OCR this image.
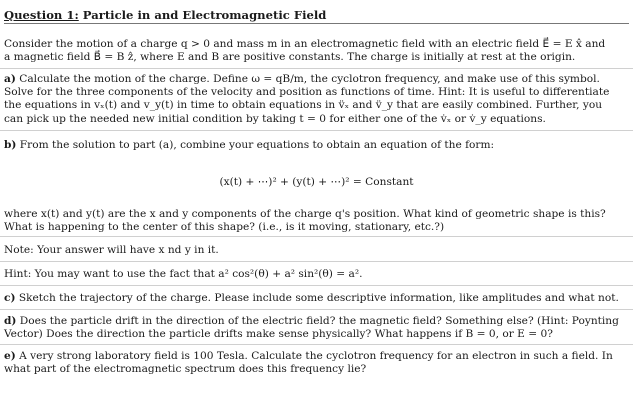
Question 1: Particle in and Electromagnetic Field

Consider the motion of a charge q > 0 and mass m in an electromagnetic field with an electric field E⃗ = E x̂ and

a magnetic field B⃗ = B ẑ, where E and B are positive constants. The charge is initially at rest at the origin.

a) Calculate the motion of the charge. Define ω = qB/m, the cyclotron frequency, and make use of this symbol.

Solve for the three components of the velocity and position as functions of time. Hint: It is useful to differentiate

the equations in vₓ(t) and v_y(t) in time to obtain equations in v̈ₓ and v̈_y that are easily combined. Further, you

can pick up the needed new initial condition by taking t = 0 for either one of the v̇ₓ or v̇_y equations.

b) From the solution to part (a), combine your equations to obtain an equation of the form:

(x(t) + ⋯)² + (y(t) + ⋯)² = Constant

where x(t) and y(t) are the x and y components of the charge q's position. What kind of geometric shape is this?

What is happening to the center of this shape? (i.e., is it moving, stationary, etc.?)

Note: Your answer will have x nd y in it.

Hint: You may want to use the fact that a² cos²(θ) + a² sin²(θ) = a².

c) Sketch the trajectory of the charge. Please include some descriptive information, like amplitudes and what not.

d) Does the particle drift in the direction of the electric field? the magnetic field? Something else? (Hint: Poynting

Vector) Does the direction the particle drifts make sense physically? What happens if B = 0, or E = 0?

e) A very strong laboratory field is 100 Tesla. Calculate the cyclotron frequency for an electron in such a field. In

what part of the electromagnetic spectrum does this frequency lie?
